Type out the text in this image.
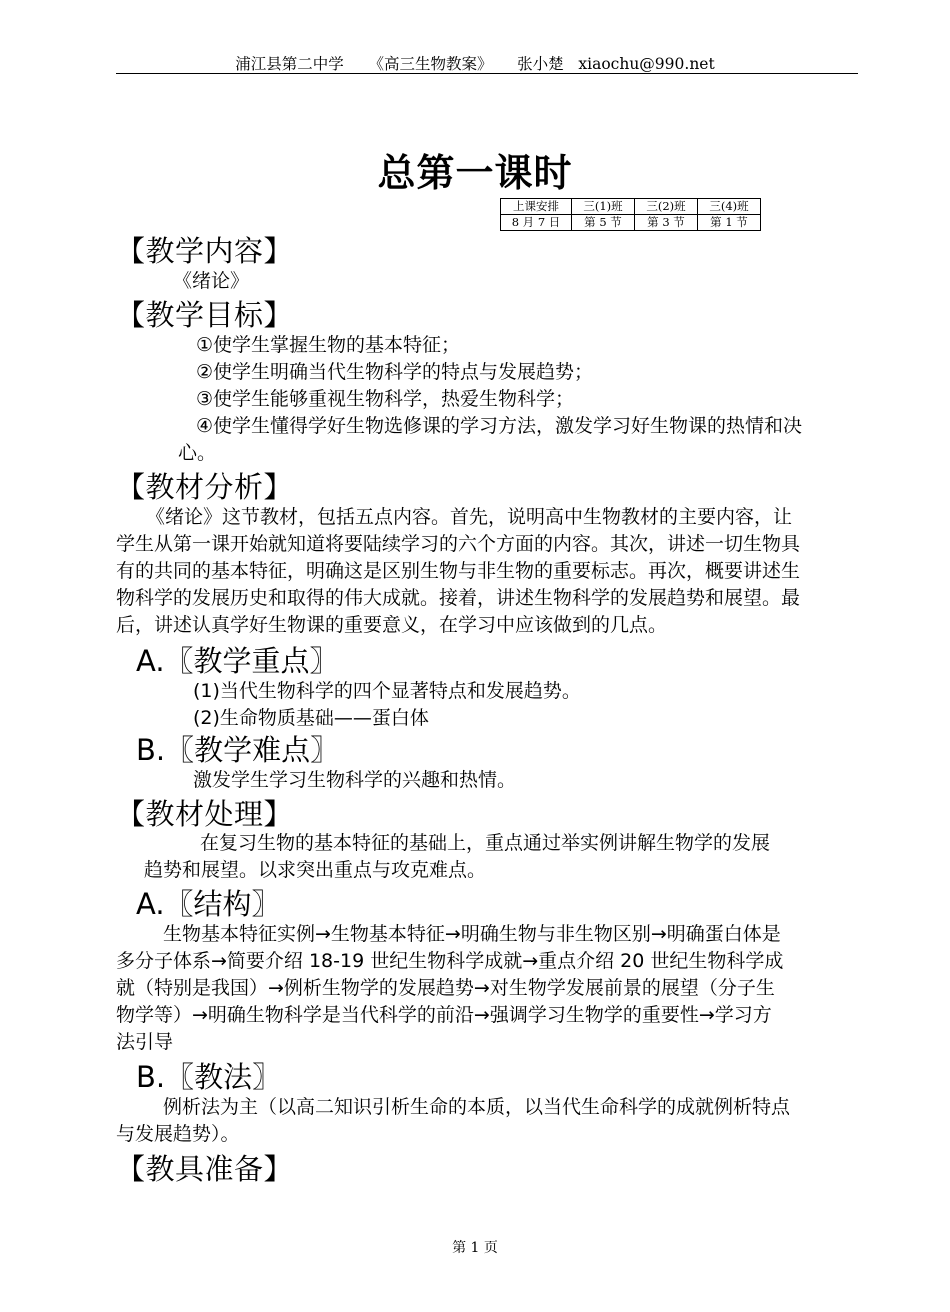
浦江县第二中学 《高三生物教案》 张小楚 xiaochu@990.net
总第一课时
上课安排	三(1)班	三(2)班	三(4)班
8 月 7 日	第 5 节	第 3 节	第 1 节
【教学内容】
《绪论》
【教学目标】
①使学生掌握生物的基本特征；
②使学生明确当代生物科学的特点与发展趋势；
③使学生能够重视生物科学，热爱生物科学；
④使学生懂得学好生物选修课的学习方法，激发学习好生物课的热情和决
心。
【教材分析】
《绪论》这节教材，包括五点内容。首先，说明高中生物教材的主要内容，让
学生从第一课开始就知道将要陆续学习的六个方面的内容。其次，讲述一切生物具
有的共同的基本特征，明确这是区别生物与非生物的重要标志。再次，概要讲述生
物科学的发展历史和取得的伟大成就。接着，讲述生物科学的发展趋势和展望。最
后，讲述认真学好生物课的重要意义，在学习中应该做到的几点。
A.〖教学重点〗
(1)当代生物科学的四个显著特点和发展趋势。
(2)生命物质基础——蛋白体
B.〖教学难点〗
激发学生学习生物科学的兴趣和热情。
【教材处理】
在复习生物的基本特征的基础上，重点通过举实例讲解生物学的发展
趋势和展望。以求突出重点与攻克难点。
A.〖结构〗
生物基本特征实例→生物基本特征→明确生物与非生物区别→明确蛋白体是
多分子体系→简要介绍 18-19 世纪生物科学成就→重点介绍 20 世纪生物科学成
就（特别是我国）→例析生物学的发展趋势→对生物学发展前景的展望（分子生
物学等）→明确生物科学是当代科学的前沿→强调学习生物学的重要性→学习方
法引导
B.〖教法〗
例析法为主（以高二知识引析生命的本质，以当代生命科学的成就例析特点
与发展趋势）。
【教具准备】
第 1 页
